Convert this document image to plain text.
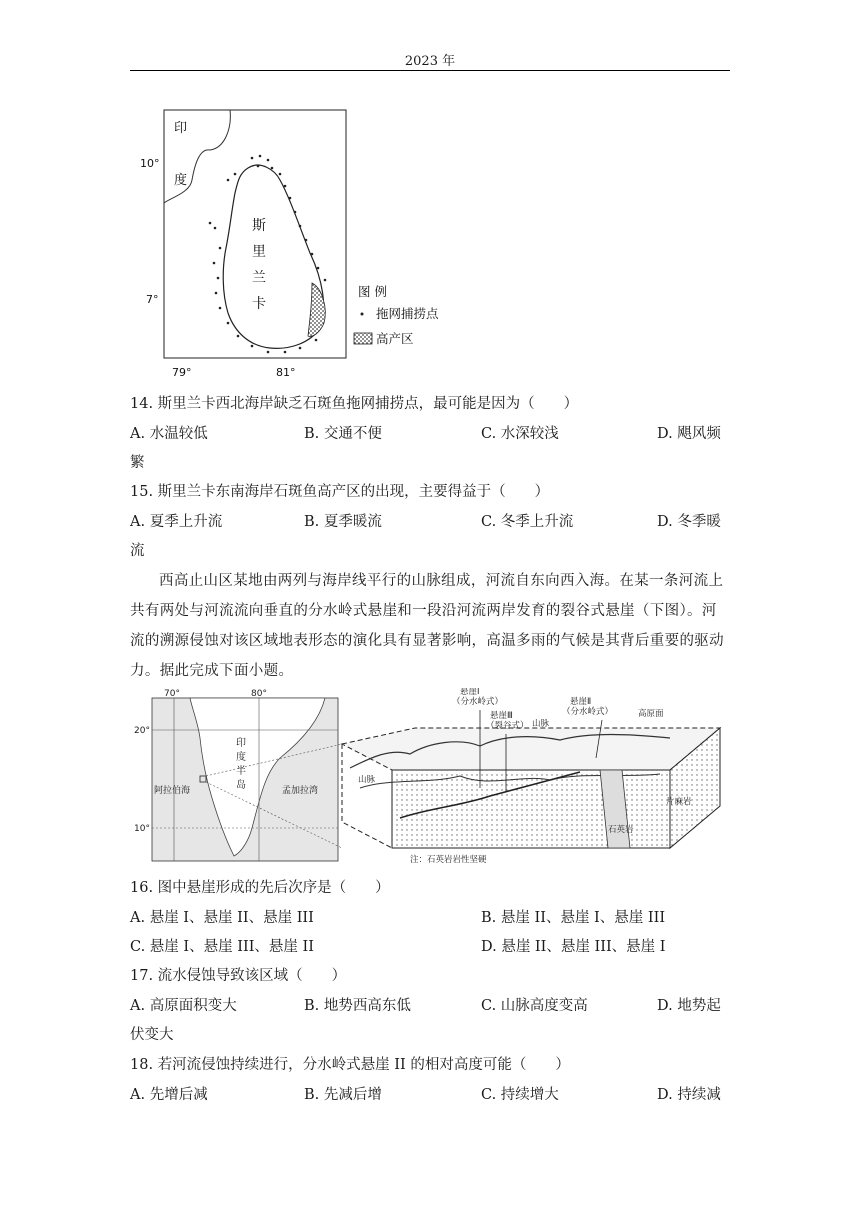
2023 年
印
度
10°
7°
79°	81°
斯
里
兰
卡
图 例
拖网捕捞点
高产区
14. 斯里兰卡西北海岸缺乏石斑鱼拖网捕捞点，最可能是因为（　　）
A. 水温较低	B. 交通不便	C. 水深较浅	D. 飓风频
繁
15. 斯里兰卡东南海岸石斑鱼高产区的出现，主要得益于（　　）
A. 夏季上升流	B. 夏季暖流	C. 冬季上升流	D. 冬季暖
流
西高止山区某地由两列与海岸线平行的山脉组成，河流自东向西入海。在某一条河流上共有两处与河流流向垂直的分水岭式悬崖和一段沿河流两岸发育的裂谷式悬崖（下图）。河流的溯源侵蚀对该区域地表形态的演化具有显著影响，高温多雨的气候是其背后重要的驱动力。据此完成下面小题。
70°	80°
20°
10°
印
度
半
岛
阿拉伯海	孟加拉湾
悬崖Ⅰ
（分水岭式）
悬崖Ⅲ
（裂谷式） 山脉
悬崖Ⅱ
（分水岭式）	高原面
山脉
片麻岩
石英岩
注：石英岩岩性坚硬
16. 图中悬崖形成的先后次序是（　　）
A. 悬崖 I、悬崖 II、悬崖 III	B. 悬崖 II、悬崖 I、悬崖 III
C. 悬崖 I、悬崖 III、悬崖 II	D. 悬崖 II、悬崖 III、悬崖 I
17. 流水侵蚀导致该区域（　　）
A. 高原面积变大	B. 地势西高东低	C. 山脉高度变高	D. 地势起
伏变大
18. 若河流侵蚀持续进行，分水岭式悬崖 II 的相对高度可能（　　）
A. 先增后减	B. 先减后增	C. 持续增大	D. 持续减
